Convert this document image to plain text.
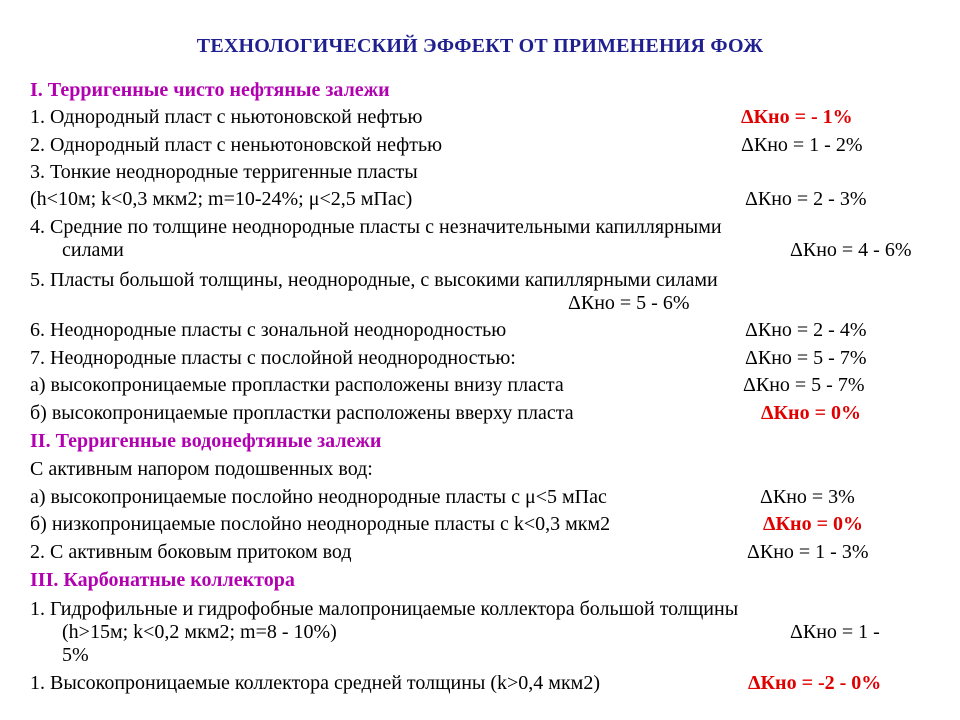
ТЕХНОЛОГИЧЕСКИЙ ЭФФЕКТ ОТ ПРИМЕНЕНИЯ ФОЖ
I. Терригенные чисто нефтяные залежи
1. Однородный пласт с ньютоновской нефтью	ΔКно = - 1%
2. Однородный пласт с неньютоновской нефтью	ΔКно = 1 - 2%
3. Тонкие неоднородные терригенные пласты
(h<10м; k<0,3 мкм2; m=10-24%; μ<2,5 мПас)	ΔКно = 2 - 3%
4. Средние по толщине неоднородные пласты с незначительными капиллярными
силами	ΔКно = 4 - 6%
5. Пласты большой толщины, неоднородные, с высокими капиллярными силами
ΔКно = 5 - 6%
6. Неоднородные пласты с зональной неоднородностью	ΔКно = 2 - 4%
7. Неоднородные пласты с послойной неоднородностью:	ΔКно = 5 - 7%
а) высокопроницаемые пропластки расположены внизу пласта	ΔКно = 5 - 7%
б) высокопроницаемые пропластки расположены вверху пласта	ΔКно = 0%
II. Терригенные водонефтяные залежи
С активным напором подошвенных вод:
а) высокопроницаемые послойно неоднородные пласты с μ<5 мПас	ΔКно = 3%
б) низкопроницаемые послойно неоднородные пласты с k<0,3 мкм2	ΔКно = 0%
2. С активным боковым притоком вод	ΔКно = 1 - 3%
III. Карбонатные коллектора
1. Гидрофильные и гидрофобные малопроницаемые коллектора большой толщины
(h>15м; k<0,2 мкм2; m=8 - 10%)	ΔКно = 1 -
5%
1. Высокопроницаемые коллектора средней толщины (k>0,4 мкм2)	ΔКно = -2 - 0%
